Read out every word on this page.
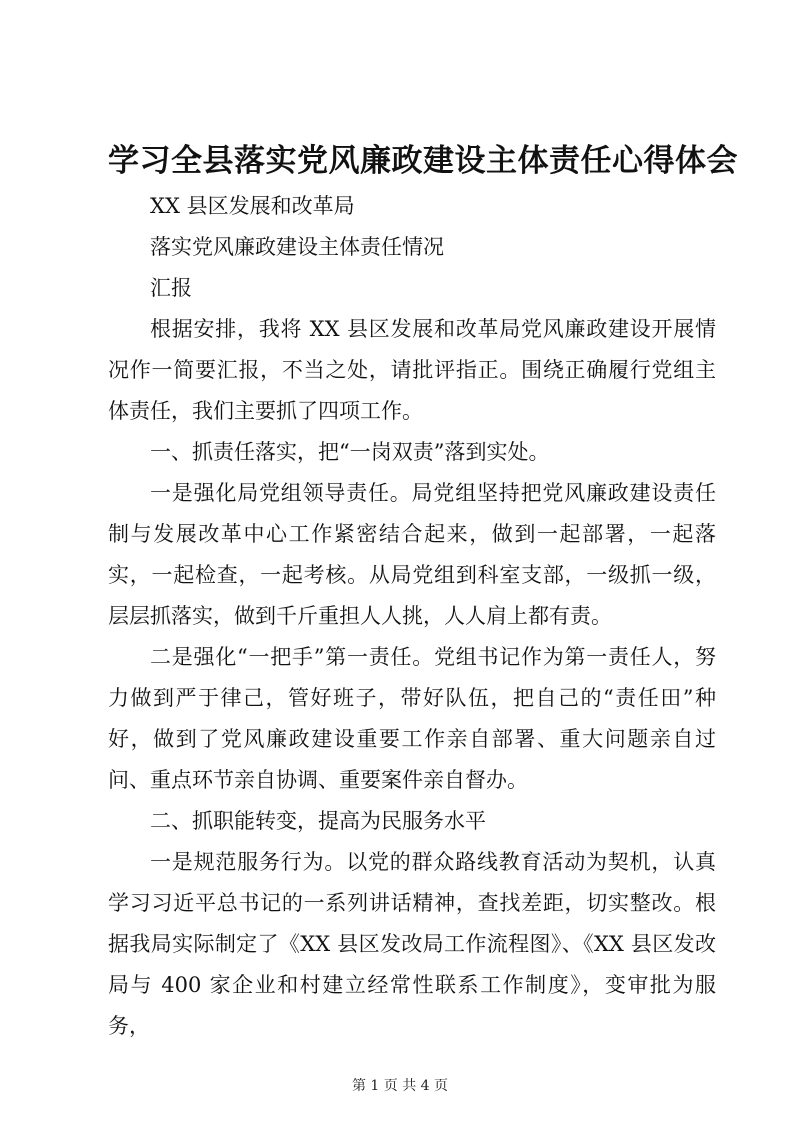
学习全县落实党风廉政建设主体责任心得体会

XX 县区发展和改革局

落实党风廉政建设主体责任情况

汇报

根据安排，我将 XX 县区发展和改革局党风廉政建设开展情况作一简要汇报，不当之处，请批评指正。围绕正确履行党组主体责任，我们主要抓了四项工作。

一、抓责任落实，把“一岗双责”落到实处。

一是强化局党组领导责任。局党组坚持把党风廉政建设责任制与发展改革中心工作紧密结合起来，做到一起部署，一起落实，一起检查，一起考核。从局党组到科室支部，一级抓一级，层层抓落实，做到千斤重担人人挑，人人肩上都有责。

二是强化“一把手”第一责任。党组书记作为第一责任人，努力做到严于律己，管好班子，带好队伍，把自己的“责任田”种好，做到了党风廉政建设重要工作亲自部署、重大问题亲自过问、重点环节亲自协调、重要案件亲自督办。

二、抓职能转变，提高为民服务水平

一是规范服务行为。以党的群众路线教育活动为契机，认真学习习近平总书记的一系列讲话精神，查找差距，切实整改。根据我局实际制定了《XX 县区发改局工作流程图》、《XX 县区发改局与 400 家企业和村建立经常性联系工作制度》，变审批为服务，

第 1 页 共 4 页
